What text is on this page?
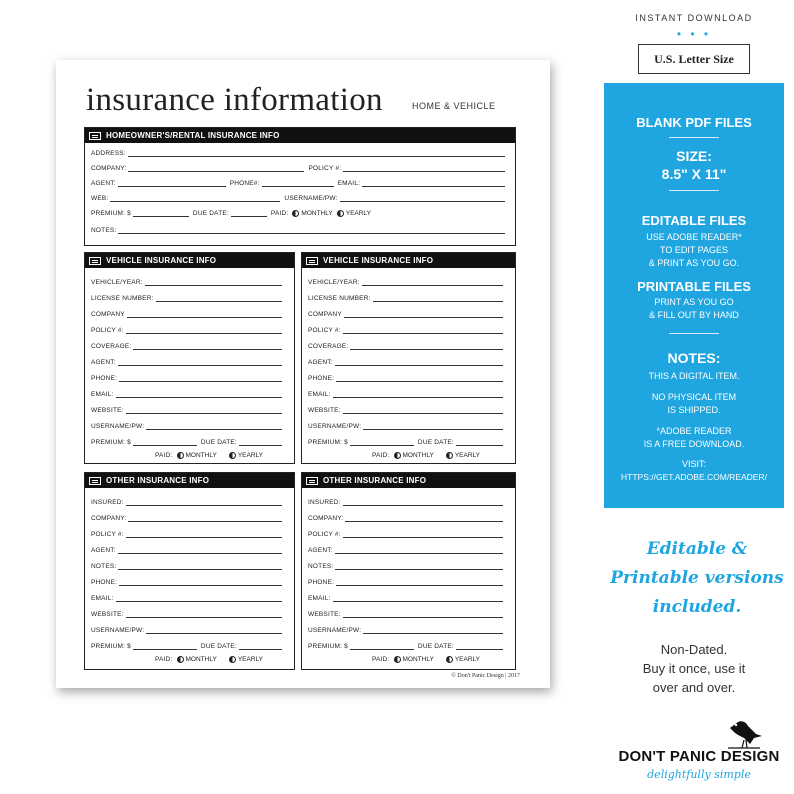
insurance information	HOME & VEHICLE
HOMEOWNER'S/RENTAL INSURANCE INFO
ADDRESS:
COMPANY:	POLICY #:
AGENT:	PHONE#:	EMAIL:
WEB:	USERNAME/PW:
PREMIUM: $	DUE DATE:	PAID: MONTHLY YEARLY
NOTES:
VEHICLE INSURANCE INFO
VEHICLE/YEAR:
LICENSE NUMBER:
COMPANY
POLICY #:
COVERAGE:
AGENT:
PHONE:
EMAIL:
WEBSITE:
USERNAME/PW:
PREMIUM: $	DUE DATE:
PAID: MONTHLY	YEARLY
VEHICLE INSURANCE INFO
VEHICLE/YEAR:
LICENSE NUMBER:
COMPANY
POLICY #:
COVERAGE:
AGENT:
PHONE:
EMAIL:
WEBSITE:
USERNAME/PW:
PREMIUM: $	DUE DATE:
PAID: MONTHLY	YEARLY
OTHER INSURANCE INFO
INSURED:
COMPANY:
POLICY #:
AGENT:
NOTES:
PHONE:
EMAIL:
WEBSITE:
USERNAME/PW:
PREMIUM: $	DUE DATE:
PAID: MONTHLY	YEARLY
OTHER INSURANCE INFO
INSURED:
COMPANY:
POLICY #:
AGENT:
NOTES:
PHONE:
EMAIL:
WEBSITE:
USERNAME/PW:
PREMIUM: $	DUE DATE:
PAID: MONTHLY	YEARLY
© Don't Panic Design | 2017
INSTANT DOWNLOAD
• • •
U.S. Letter Size
BLANK PDF FILES
SIZE:
8.5" X 11"
EDITABLE FILES
USE ADOBE READER*
TO EDIT PAGES
& PRINT AS YOU GO.
PRINTABLE FILES
PRINT AS YOU GO
& FILL OUT BY HAND
NOTES:
THIS A DIGITAL ITEM.
NO PHYSICAL ITEM
IS SHIPPED.
*ADOBE READER
IS A FREE DOWNLOAD.
VISIT:
HTTPS://GET.ADOBE.COM/READER/
Editable &
Printable versions
included.
Non-Dated.
Buy it once, use it
over and over.
DON'T PANIC DESIGN
delightfully simple
